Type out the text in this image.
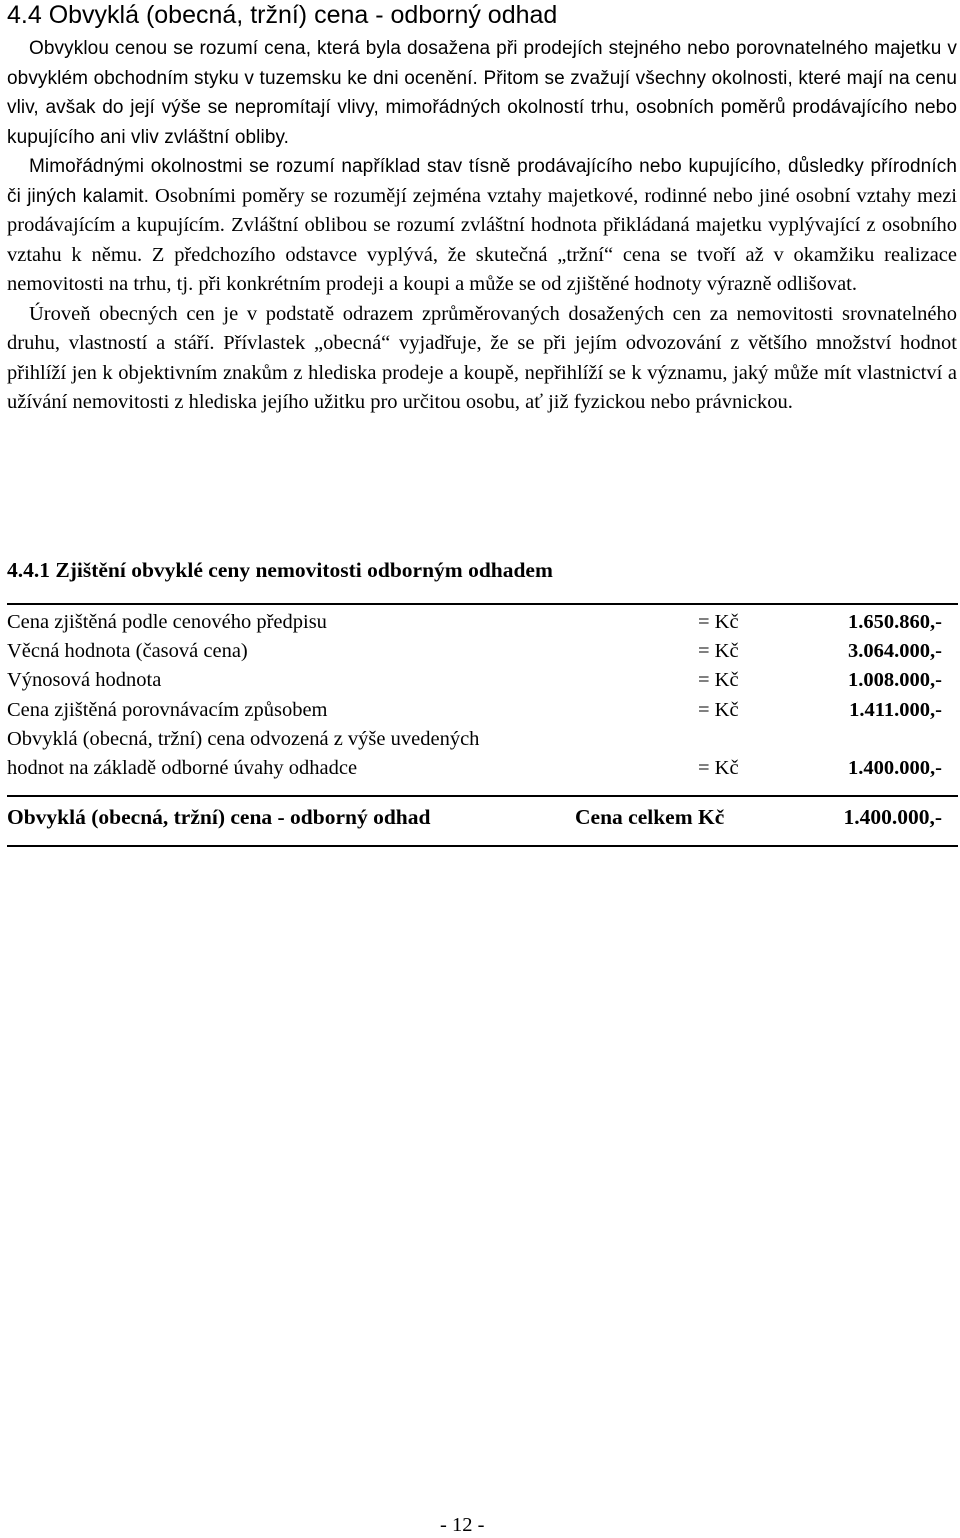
4.4 Obvyklá (obecná, tržní) cena - odborný odhad

Obvyklou cenou se rozumí cena, která byla dosažena při prodejích stejného nebo porovnatelného majetku v obvyklém obchodním styku v tuzemsku ke dni ocenění. Přitom se zvažují všechny okolnosti, které mají na cenu vliv, avšak do její výše se nepromítají vlivy, mimořádných okolností trhu, osobních poměrů prodávajícího nebo kupujícího ani vliv zvláštní obliby.

Mimořádnými okolnostmi se rozumí například stav tísně prodávajícího nebo kupujícího, důsledky přírodních či jiných kalamit. Osobními poměry se rozumějí zejména vztahy majetkové, rodinné nebo jiné osobní vztahy mezi prodávajícím a kupujícím. Zvláštní oblibou se rozumí zvláštní hodnota přikládaná majetku vyplývající z osobního vztahu k němu. Z předchozího odstavce vyplývá, že skutečná „tržní“ cena se tvoří až v okamžiku realizace nemovitosti na trhu, tj. při konkrétním prodeji a koupi a může se od zjištěné hodnoty výrazně odlišovat.

Úroveň obecných cen je v podstatě odrazem zprůměrovaných dosažených cen za nemovitosti srovnatelného druhu, vlastností a stáří. Přívlastek „obecná“ vyjadřuje, že se při jejím odvozování z většího množství hodnot přihlíží jen k objektivním znakům z hlediska prodeje a koupě, nepřihlíží se k významu, jaký může mít vlastnictví a užívání nemovitosti z hlediska jejího užitku pro určitou osobu, ať již fyzickou nebo právnickou.

4.4.1 Zjištění obvyklé ceny nemovitosti odborným odhadem
Cena zjištěná podle cenového předpisu	= Kč	1.650.860,-
Věcná hodnota (časová cena)	= Kč	3.064.000,-
Výnosová hodnota	= Kč	1.008.000,-
Cena zjištěná porovnávacím způsobem	= Kč	1.411.000,-
Obvyklá (obecná, tržní) cena odvozená z výše uvedených
hodnot na základě odborné úvahy odhadce	= Kč	1.400.000,-
Obvyklá (obecná, tržní) cena - odborný odhad	Cena celkem Kč	1.400.000,-
- 12 -
